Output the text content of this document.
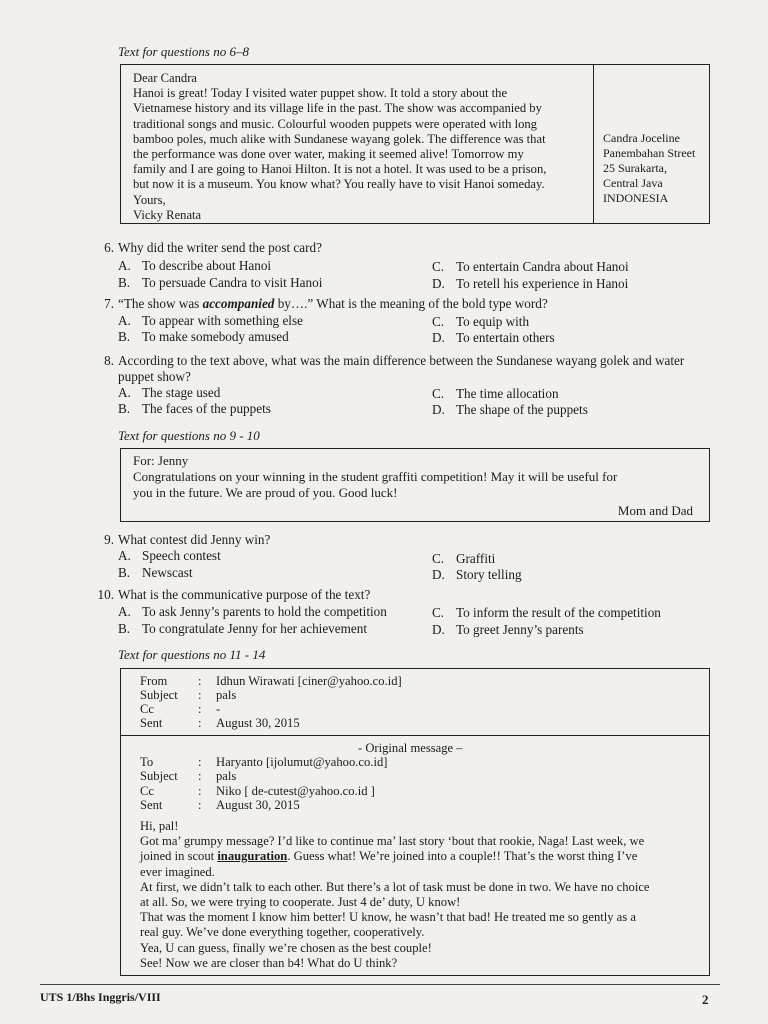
Text for questions no 6–8
Dear Candra
Hanoi is great! Today I visited water puppet show. It told a story about the
Vietnamese history and its village life in the past. The show was accompanied by
traditional songs and music. Colourful wooden puppets were operated with long
bamboo poles, much alike with Sundanese wayang golek. The difference was that
the performance was done over water, making it seemed alive! Tomorrow my
family and I are going to Hanoi Hilton. It is not a hotel. It was used to be a prison,
but now it is a museum. You know what? You really have to visit Hanoi someday.
Yours,
Vicky Renata
Candra Joceline
Panembahan Street
25 Surakarta,
Central Java
INDONESIA
6. Why did the writer send the post card?
A. To describe about Hanoi
B. To persuade Candra to visit Hanoi
C. To entertain Candra about Hanoi
D. To retell his experience in Hanoi
7. “The show was accompanied by….” What is the meaning of the bold type word?
A. To appear with something else
B. To make somebody amused
C. To equip with
D. To entertain others
8. According to the text above, what was the main difference between the Sundanese wayang golek and water puppet show?
A. The stage used
B. The faces of the puppets
C. The time allocation
D. The shape of the puppets
Text for questions no 9 - 10
For: Jenny
Congratulations on your winning in the student graffiti competition! May it will be useful for
you in the future. We are proud of you. Good luck!
Mom and Dad
9. What contest did Jenny win?
A. Speech contest
B. Newscast
C. Graffiti
D. Story telling
10. What is the communicative purpose of the text?
A. To ask Jenny’s parents to hold the competition
B. To congratulate Jenny for her achievement
C. To inform the result of the competition
D. To greet Jenny’s parents
Text for questions no 11 - 14
From : Idhun Wirawati [ciner@yahoo.co.id]
Subject : pals
Cc	: -
Sent	: August 30, 2015
- Original message –
To	: Haryanto [ijolumut@yahoo.co.id]
Subject : pals
Cc	: Niko [ de-cutest@yahoo.co.id ]
Sent	: August 30, 2015
Hi, pal!
Got ma’ grumpy message? I’d like to continue ma’ last story ‘bout that rookie, Naga! Last week, we
joined in scout inauguration. Guess what! We’re joined into a couple!! That’s the worst thing I’ve
ever imagined.
At first, we didn’t talk to each other. But there’s a lot of task must be done in two. We have no choice
at all. So, we were trying to cooperate. Just 4 de’ duty, U know!
That was the moment I know him better! U know, he wasn’t that bad! He treated me so gently as a
real guy. We’ve done everything together, cooperatively.
Yea, U can guess, finally we’re chosen as the best couple!
See! Now we are closer than b4! What do U think?
UTS 1/Bhs Inggris/VIII	2
